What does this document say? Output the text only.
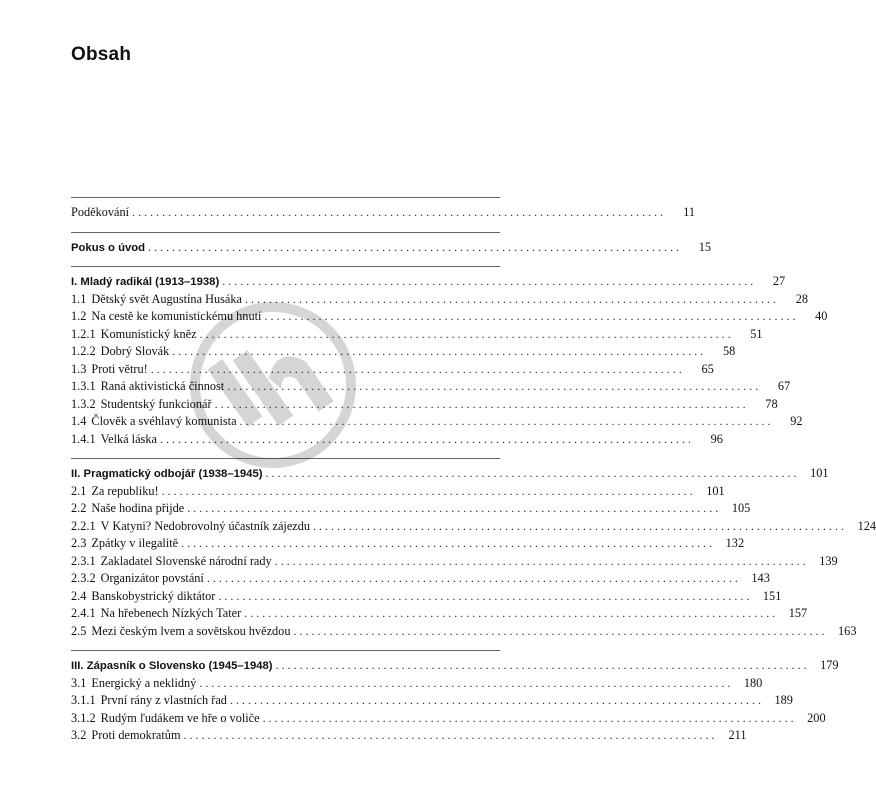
Obsah
Poděkování . . .	11
Pokus o úvod . . .	15
I. Mladý radikál (1913–1938) . . .	27
1.1 Dětský svět Augustína Husáka . . .	28
1.2 Na cestě ke komunistickému hnutí . . .	40
1.2.1 Komunistický kněz . . .	51
1.2.2 Dobrý Slovák . . .	58
1.3 Proti větru! . . .	65
1.3.1 Raná aktivistická činnost . . .	67
1.3.2 Studentský funkcionář . . .	78
1.4 Člověk a svéhlavý komunista . . .	92
1.4.1 Velká láska . . .	96
II. Pragmatický odbojář (1938–1945) . . .	101
2.1 Za republiku! . . .	101
2.2 Naše hodina přijde . . .	105
2.2.1 V Katyni? Nedobrovolný účastník zájezdu . . .	124
2.3 Zpátky v ilegalitě . . .	132
2.3.1 Zakladatel Slovenské národní rady . . .	139
2.3.2 Organizátor povstání . . .	143
2.4 Banskobystrický diktátor . . .	151
2.4.1 Na hřebenech Nízkých Tater . . .	157
2.5 Mezi českým lvem a sovětskou hvězdou . . .	163
III. Zápasník o Slovensko (1945–1948) . . .	179
3.1 Energický a neklidný . . .	180
3.1.1 První rány z vlastních řad . . .	189
3.1.2 Rudým ľudákem ve hře o voliče . . .	200
3.2 Proti demokratům . . .	211
